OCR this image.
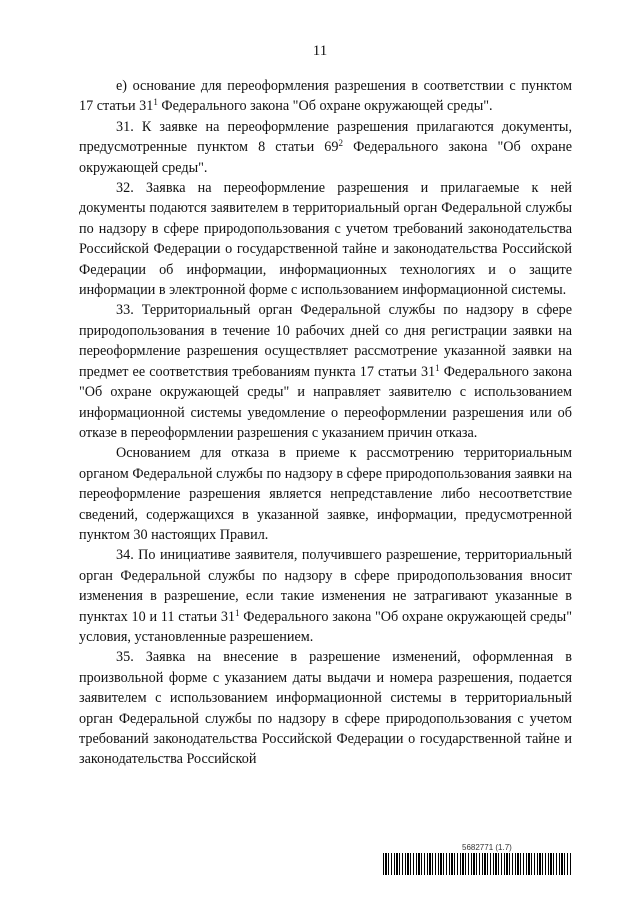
11

е) основание для переоформления разрешения в соответствии с пунктом 17 статьи $31^1$ Федерального закона "Об охране окружающей среды".

31. К заявке на переоформление разрешения прилагаются документы, предусмотренные пунктом 8 статьи $69^2$ Федерального закона "Об охране окружающей среды".

32. Заявка на переоформление разрешения и прилагаемые к ней документы подаются заявителем в территориальный орган Федеральной службы по надзору в сфере природопользования с учетом требований законодательства Российской Федерации о государственной тайне и законодательства Российской Федерации об информации, информационных технологиях и о защите информации в электронной форме с использованием информационной системы.

33. Территориальный орган Федеральной службы по надзору в сфере природопользования в течение 10 рабочих дней со дня регистрации заявки на переоформление разрешения осуществляет рассмотрение указанной заявки на предмет ее соответствия требованиям пункта 17 статьи $31^1$ Федерального закона "Об охране окружающей среды" и направляет заявителю с использованием информационной системы уведомление о переоформлении разрешения или об отказе в переоформлении разрешения с указанием причин отказа.

Основанием для отказа в приеме к рассмотрению территориальным органом Федеральной службы по надзору в сфере природопользования заявки на переоформление разрешения является непредставление либо несоответствие сведений, содержащихся в указанной заявке, информации, предусмотренной пунктом 30 настоящих Правил.

34. По инициативе заявителя, получившего разрешение, территориальный орган Федеральной службы по надзору в сфере природопользования вносит изменения в разрешение, если такие изменения не затрагивают указанные в пунктах 10 и 11 статьи $31^1$ Федерального закона "Об охране окружающей среды" условия, установленные разрешением.

35. Заявка на внесение в разрешение изменений, оформленная в произвольной форме с указанием даты выдачи и номера разрешения, подается заявителем с использованием информационной системы в территориальный орган Федеральной службы по надзору в сфере природопользования с учетом требований законодательства Российской Федерации о государственной тайне и законодательства Российской

5682771 (1.7)
